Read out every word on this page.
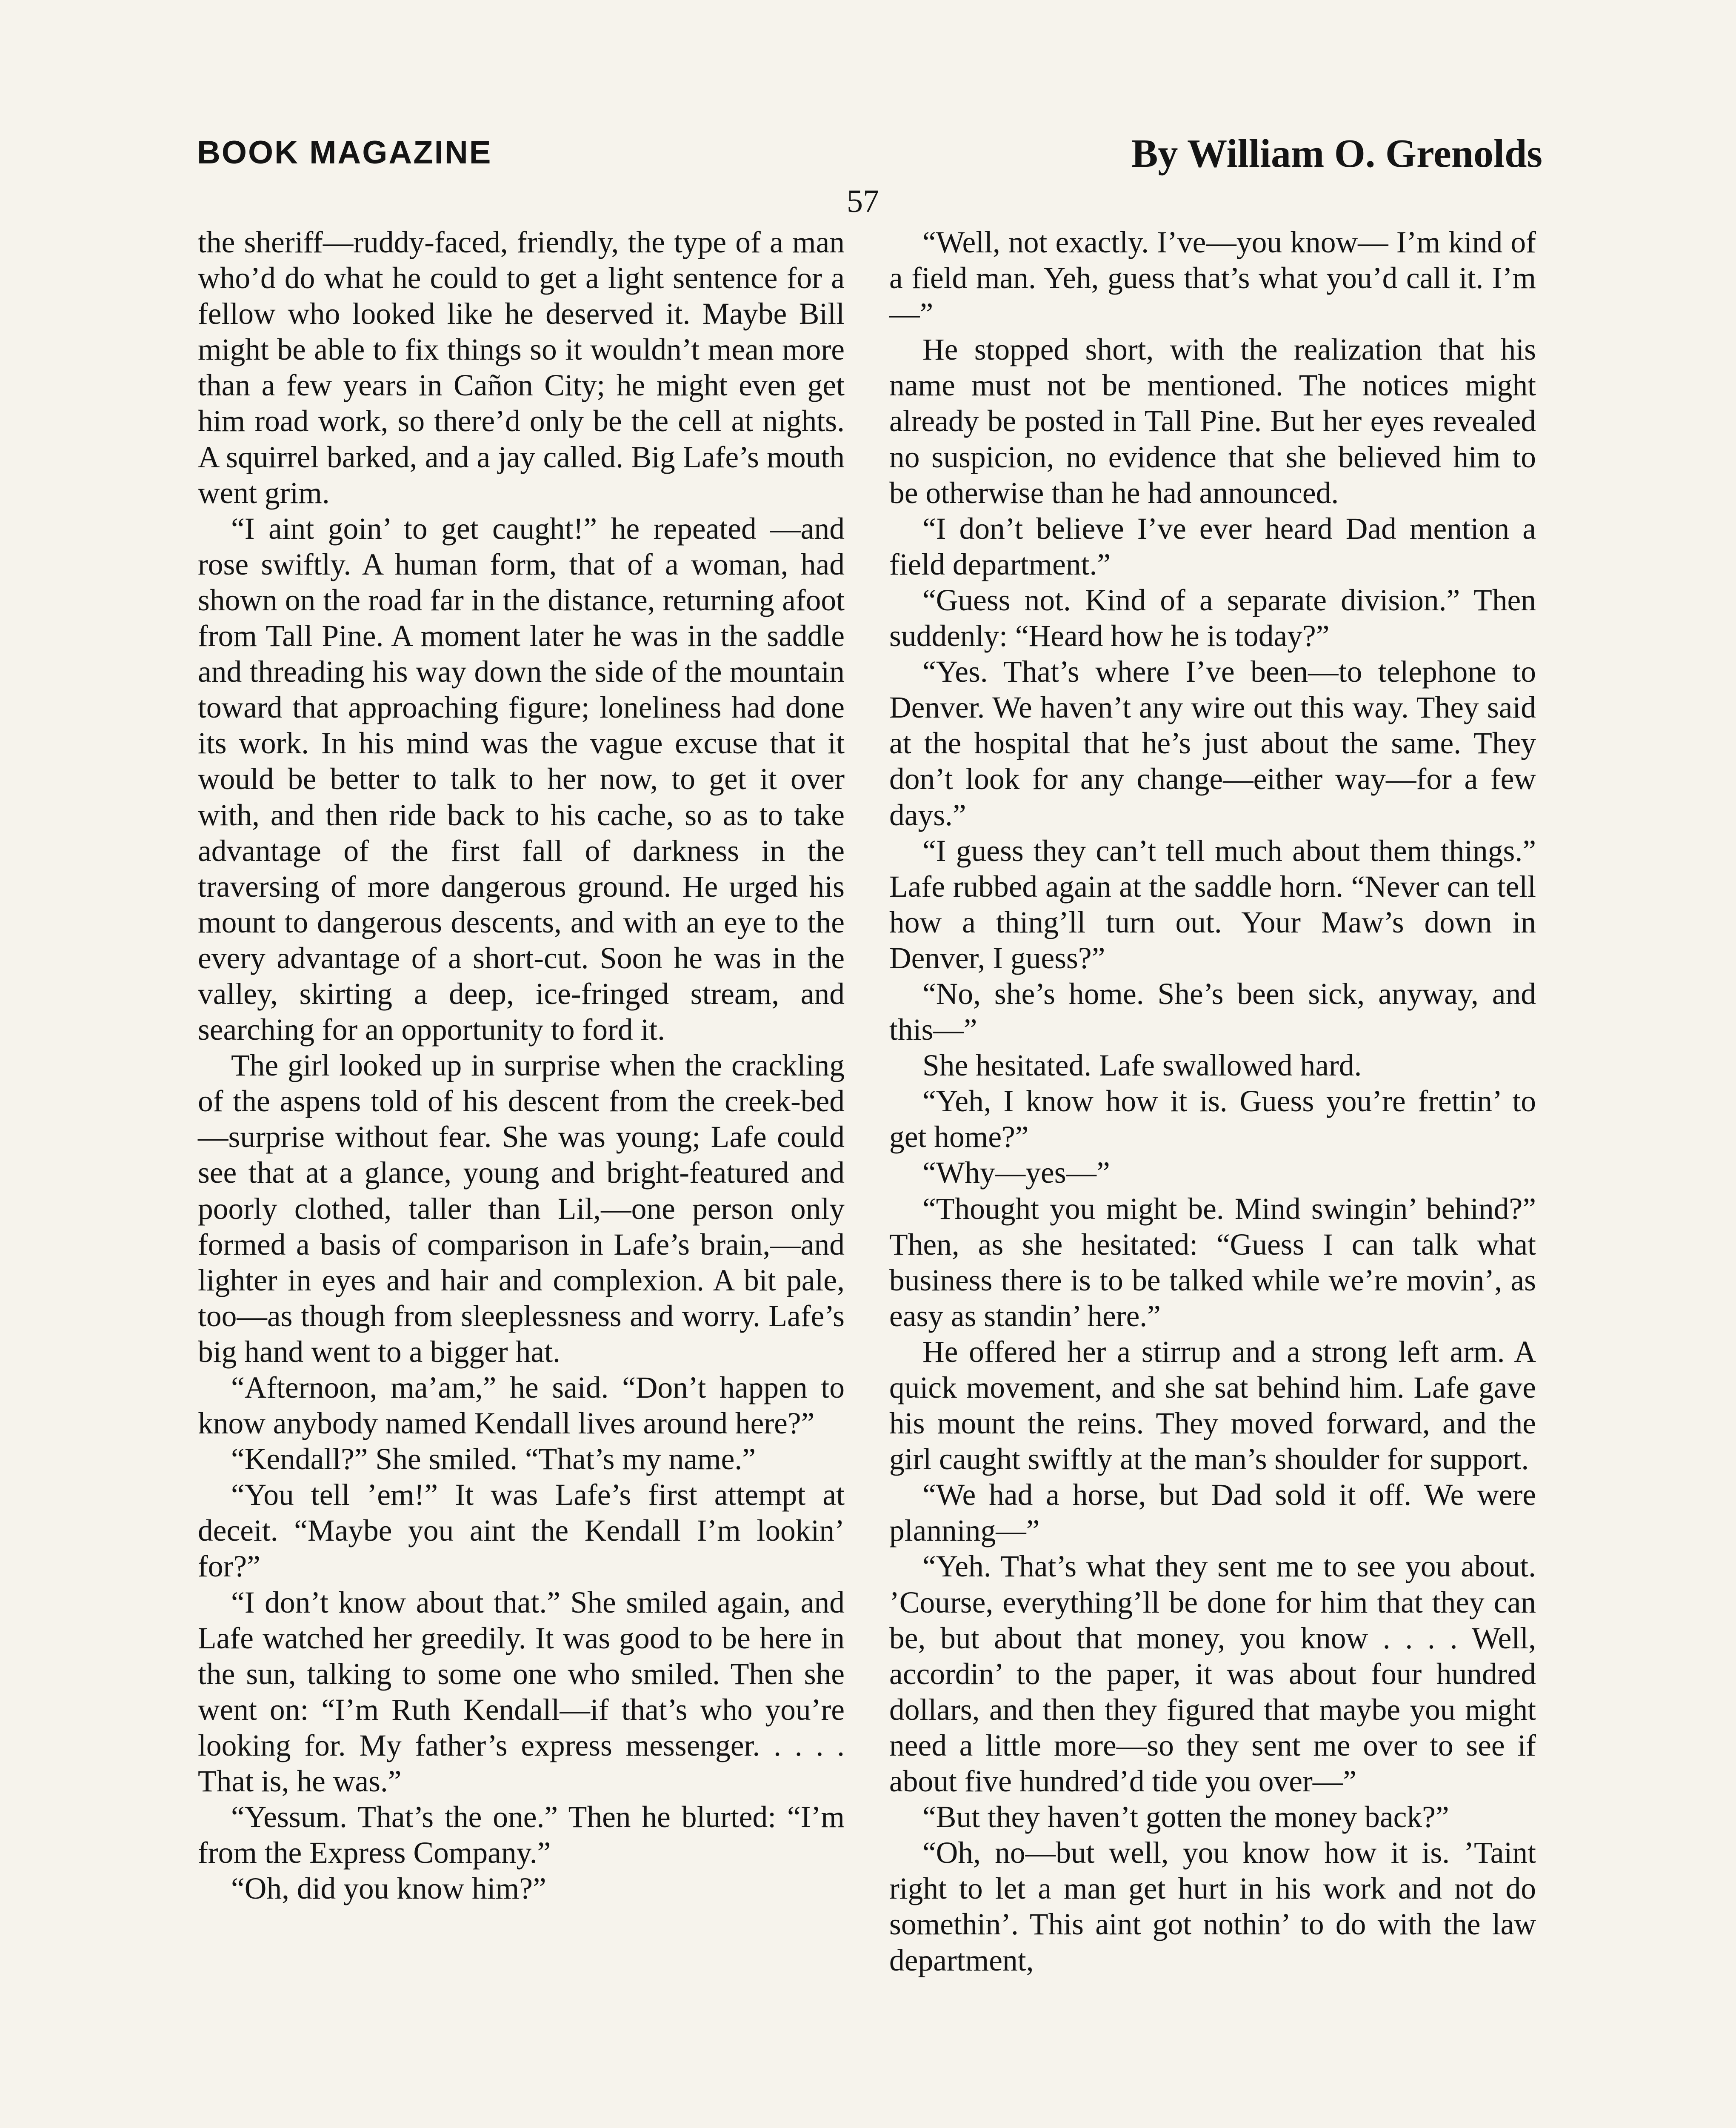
BOOK MAGAZINE	By William O. Grenolds
57

the sheriff—ruddy-faced, friendly, the type of a man who’d do what he could to get a light sentence for a fellow who looked like he deserved it. Maybe Bill might be able to fix things so it wouldn’t mean more than a few years in Cañon City; he might even get him road work, so there’d only be the cell at nights. A squirrel barked, and a jay called. Big Lafe’s mouth went grim.

“I aint goin’ to get caught!” he repeated —and rose swiftly. A human form, that of a woman, had shown on the road far in the distance, returning afoot from Tall Pine. A moment later he was in the saddle and threading his way down the side of the mountain toward that approaching figure; loneliness had done its work. In his mind was the vague excuse that it would be better to talk to her now, to get it over with, and then ride back to his cache, so as to take advantage of the first fall of darkness in the traversing of more dangerous ground. He urged his mount to dangerous descents, and with an eye to the every advantage of a short-cut. Soon he was in the valley, skirting a deep, ice-fringed stream, and searching for an opportunity to ford it.

The girl looked up in surprise when the crackling of the aspens told of his descent from the creek-bed—surprise without fear. She was young; Lafe could see that at a glance, young and bright-featured and poorly clothed, taller than Lil,—one person only formed a basis of comparison in Lafe’s brain,—and lighter in eyes and hair and complexion. A bit pale, too—as though from sleeplessness and worry. Lafe’s big hand went to a bigger hat.

“Afternoon, ma’am,” he said. “Don’t happen to know anybody named Kendall lives around here?”

“Kendall?” She smiled. “That’s my name.”

“You tell ’em!” It was Lafe’s first attempt at deceit. “Maybe you aint the Kendall I’m lookin’ for?”

“I don’t know about that.” She smiled again, and Lafe watched her greedily. It was good to be here in the sun, talking to some one who smiled. Then she went on: “I’m Ruth Kendall—if that’s who you’re looking for. My father’s express messenger. . . . . That is, he was.”

“Yessum. That’s the one.” Then he blurted: “I’m from the Express Company.”

“Oh, did you know him?”

“Well, not exactly. I’ve—you know— I’m kind of a field man. Yeh, guess that’s what you’d call it. I’m—”

He stopped short, with the realization that his name must not be mentioned. The notices might already be posted in Tall Pine. But her eyes revealed no suspicion, no evidence that she believed him to be otherwise than he had announced.

“I don’t believe I’ve ever heard Dad mention a field department.”

“Guess not. Kind of a separate division.” Then suddenly: “Heard how he is today?”

“Yes. That’s where I’ve been—to telephone to Denver. We haven’t any wire out this way. They said at the hospital that he’s just about the same. They don’t look for any change—either way—for a few days.”

“I guess they can’t tell much about them things.” Lafe rubbed again at the saddle horn. “Never can tell how a thing’ll turn out. Your Maw’s down in Denver, I guess?”

“No, she’s home. She’s been sick, anyway, and this—”

She hesitated. Lafe swallowed hard.

“Yeh, I know how it is. Guess you’re frettin’ to get home?”

“Why—yes—”

“Thought you might be. Mind swingin’ behind?” Then, as she hesitated: “Guess I can talk what business there is to be talked while we’re movin’, as easy as standin’ here.”

He offered her a stirrup and a strong left arm. A quick movement, and she sat behind him. Lafe gave his mount the reins. They moved forward, and the girl caught swiftly at the man’s shoulder for support.

“We had a horse, but Dad sold it off. We were planning—”

“Yeh. That’s what they sent me to see you about. ’Course, everything’ll be done for him that they can be, but about that money, you know . . . . Well, accordin’ to the paper, it was about four hundred dollars, and then they figured that maybe you might need a little more—so they sent me over to see if about five hundred’d tide you over—”

“But they haven’t gotten the money back?”

“Oh, no—but well, you know how it is. ’Taint right to let a man get hurt in his work and not do somethin’. This aint got nothin’ to do with the law department,
